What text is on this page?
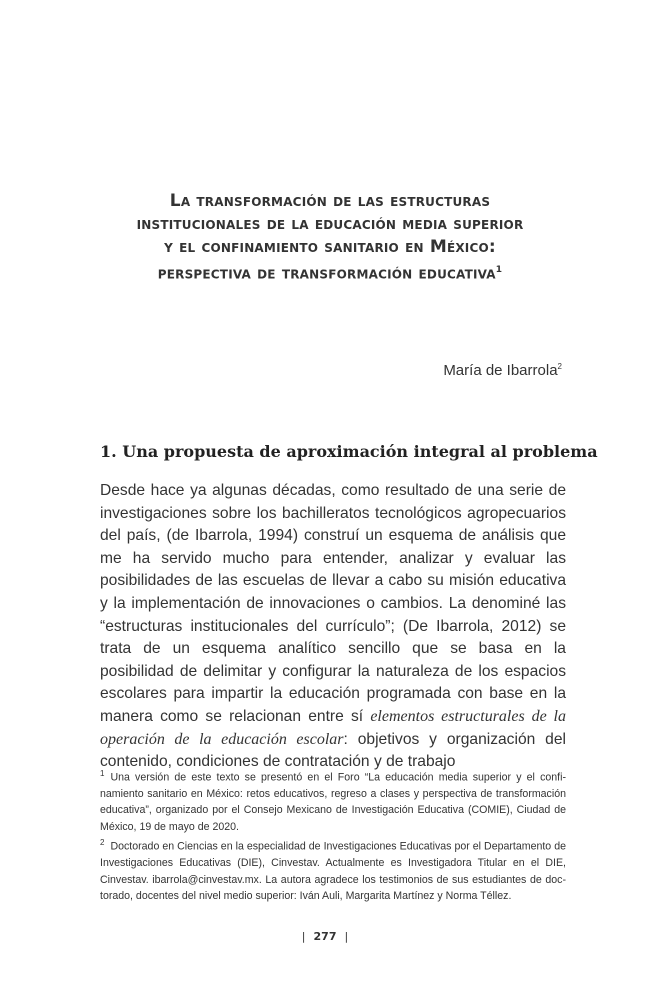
La transformación de las estructuras
institucionales de la educación media superior
y el confinamiento sanitario en México:
perspectiva de transformación educativa$^1$
María de Ibarrola$^2$
1. Una propuesta de aproximación integral al problema
Desde hace ya algunas décadas, como resultado de una serie de investigaciones sobre los bachilleratos tecnológicos agropecuarios del país, (de Ibarrola, 1994) construí un esquema de análisis que me ha servido mucho para entender, analizar y evaluar las posibilidades de las escuelas de llevar a cabo su misión educativa y la implementación de innovaciones o cambios. La denominé las “estructuras institucionales del currículo”; (De Ibarrola, 2012) se trata de un esquema analítico sencillo que se basa en la posibilidad de delimitar y configurar la naturaleza de los espacios escolares para impartir la educación programada con base en la manera como se relacionan entre sí elementos estructurales de la operación de la educación escolar: objetivos y organización del contenido, condiciones de contratación y de trabajo
$^1$ Una versión de este texto se presentó en el Foro “La educación media superior y el confinamiento sanitario en México: retos educativos, regreso a clases y perspectiva de transformación educativa”, organizado por el Consejo Mexicano de Investigación Educativa (COMIE), Ciudad de México, 19 de mayo de 2020.
$^2$ Doctorado en Ciencias en la especialidad de Investigaciones Educativas por el Departamento de Investigaciones Educativas (DIE), Cinvestav. Actualmente es Investigadora Titular en el DIE, Cinvestav. ibarrola@cinvestav.mx. La autora agradece los testimonios de sus estudiantes de doctorado, docentes del nivel medio superior: Iván Auli, Margarita Martínez y Norma Téllez.
| 277 |
